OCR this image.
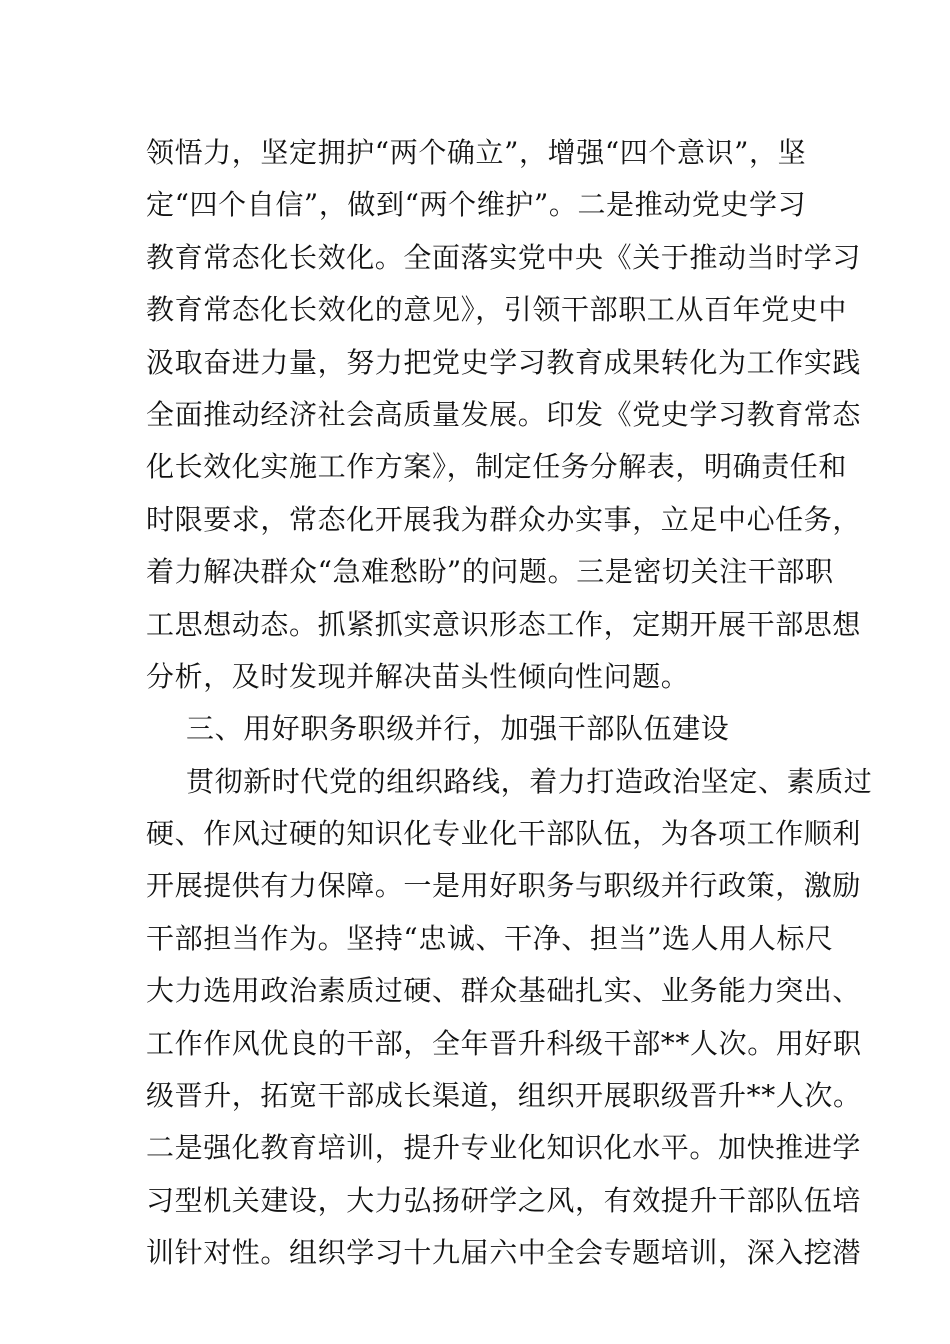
领悟力，坚定拥护“两个确立”，增强“四个意识”，坚
定“四个自信”，做到“两个维护”。二是推动党史学习
教育常态化长效化。全面落实党中央《关于推动当时学习
教育常态化长效化的意见》，引领干部职工从百年党史中
汲取奋进力量，努力把党史学习教育成果转化为工作实践
全面推动经济社会高质量发展。印发《党史学习教育常态
化长效化实施工作方案》，制定任务分解表，明确责任和
时限要求，常态化开展我为群众办实事，立足中心任务，
着力解决群众“急难愁盼”的问题。三是密切关注干部职
工思想动态。抓紧抓实意识形态工作，定期开展干部思想
分析，及时发现并解决苗头性倾向性问题。
三、用好职务职级并行，加强干部队伍建设
贯彻新时代党的组织路线，着力打造政治坚定、素质过
硬、作风过硬的知识化专业化干部队伍，为各项工作顺利
开展提供有力保障。一是用好职务与职级并行政策，激励
干部担当作为。坚持“忠诚、干净、担当”选人用人标尺
大力选用政治素质过硬、群众基础扎实、业务能力突出、
工作作风优良的干部，全年晋升科级干部**人次。用好职
级晋升，拓宽干部成长渠道，组织开展职级晋升**人次。
二是强化教育培训，提升专业化知识化水平。加快推进学
习型机关建设，大力弘扬研学之风，有效提升干部队伍培
训针对性。组织学习十九届六中全会专题培训，深入挖潜
